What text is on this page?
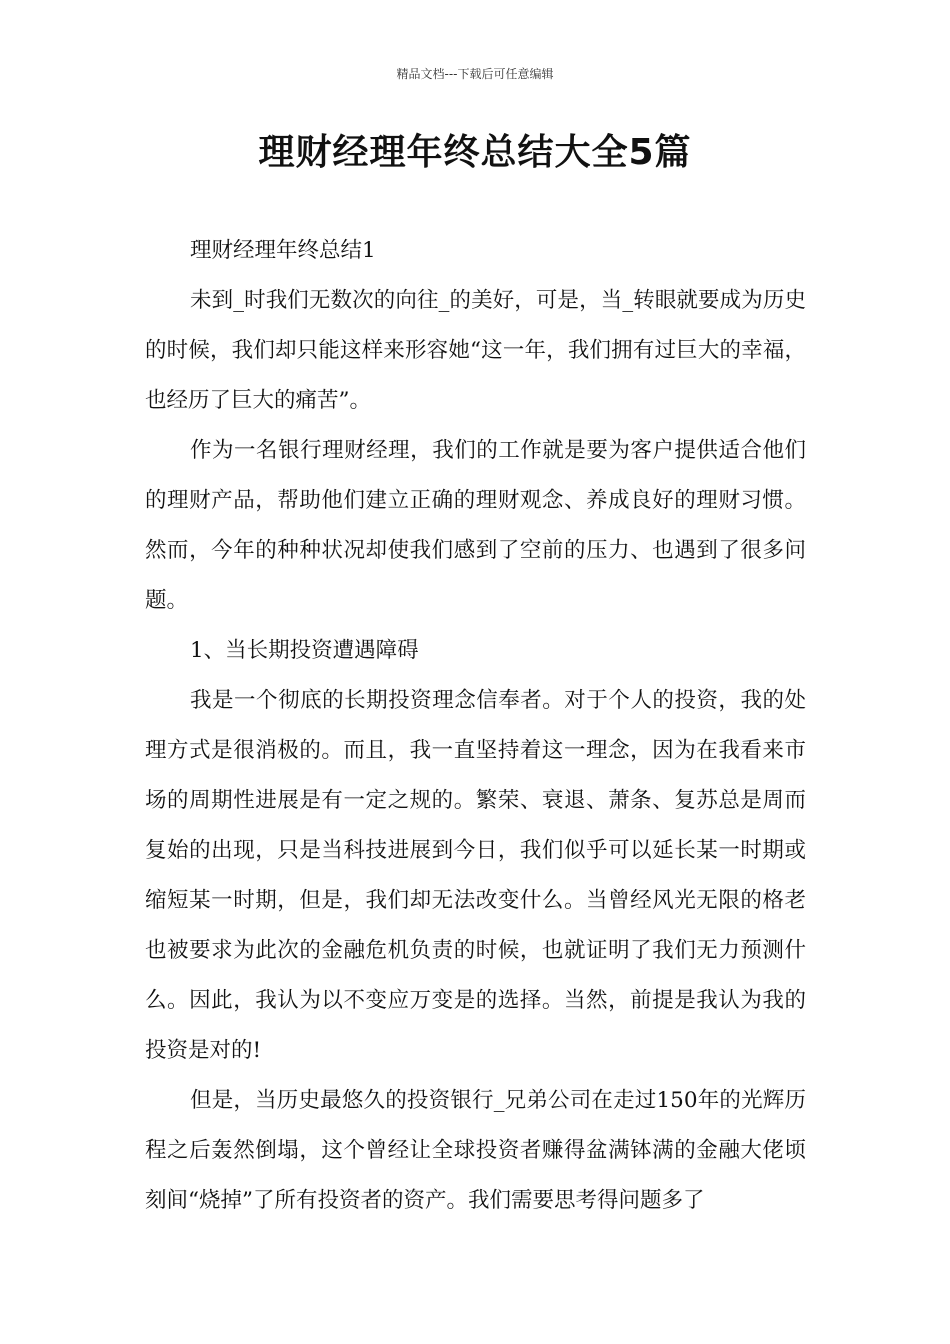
精品文档---下载后可任意编辑
理财经理年终总结大全5篇

理财经理年终总结1

未到_时我们无数次的向往_的美好，可是，当_转眼就要成为历史的时候，我们却只能这样来形容她“这一年，我们拥有过巨大的幸福，也经历了巨大的痛苦”。

作为一名银行理财经理，我们的工作就是要为客户提供适合他们的理财产品，帮助他们建立正确的理财观念、养成良好的理财习惯。然而，今年的种种状况却使我们感到了空前的压力、也遇到了很多问题。

1、当长期投资遭遇障碍

我是一个彻底的长期投资理念信奉者。对于个人的投资，我的处理方式是很消极的。而且，我一直坚持着这一理念，因为在我看来市场的周期性进展是有一定之规的。繁荣、衰退、萧条、复苏总是周而复始的出现，只是当科技进展到今日，我们似乎可以延长某一时期或缩短某一时期，但是，我们却无法改变什么。当曾经风光无限的格老也被要求为此次的金融危机负责的时候，也就证明了我们无力预测什么。因此，我认为以不变应万变是的选择。当然，前提是我认为我的投资是对的!

但是，当历史最悠久的投资银行_兄弟公司在走过150年的光辉历程之后轰然倒塌，这个曾经让全球投资者赚得盆满钵满的金融大佬顷刻间“烧掉”了所有投资者的资产。我们需要思考得问题多了
